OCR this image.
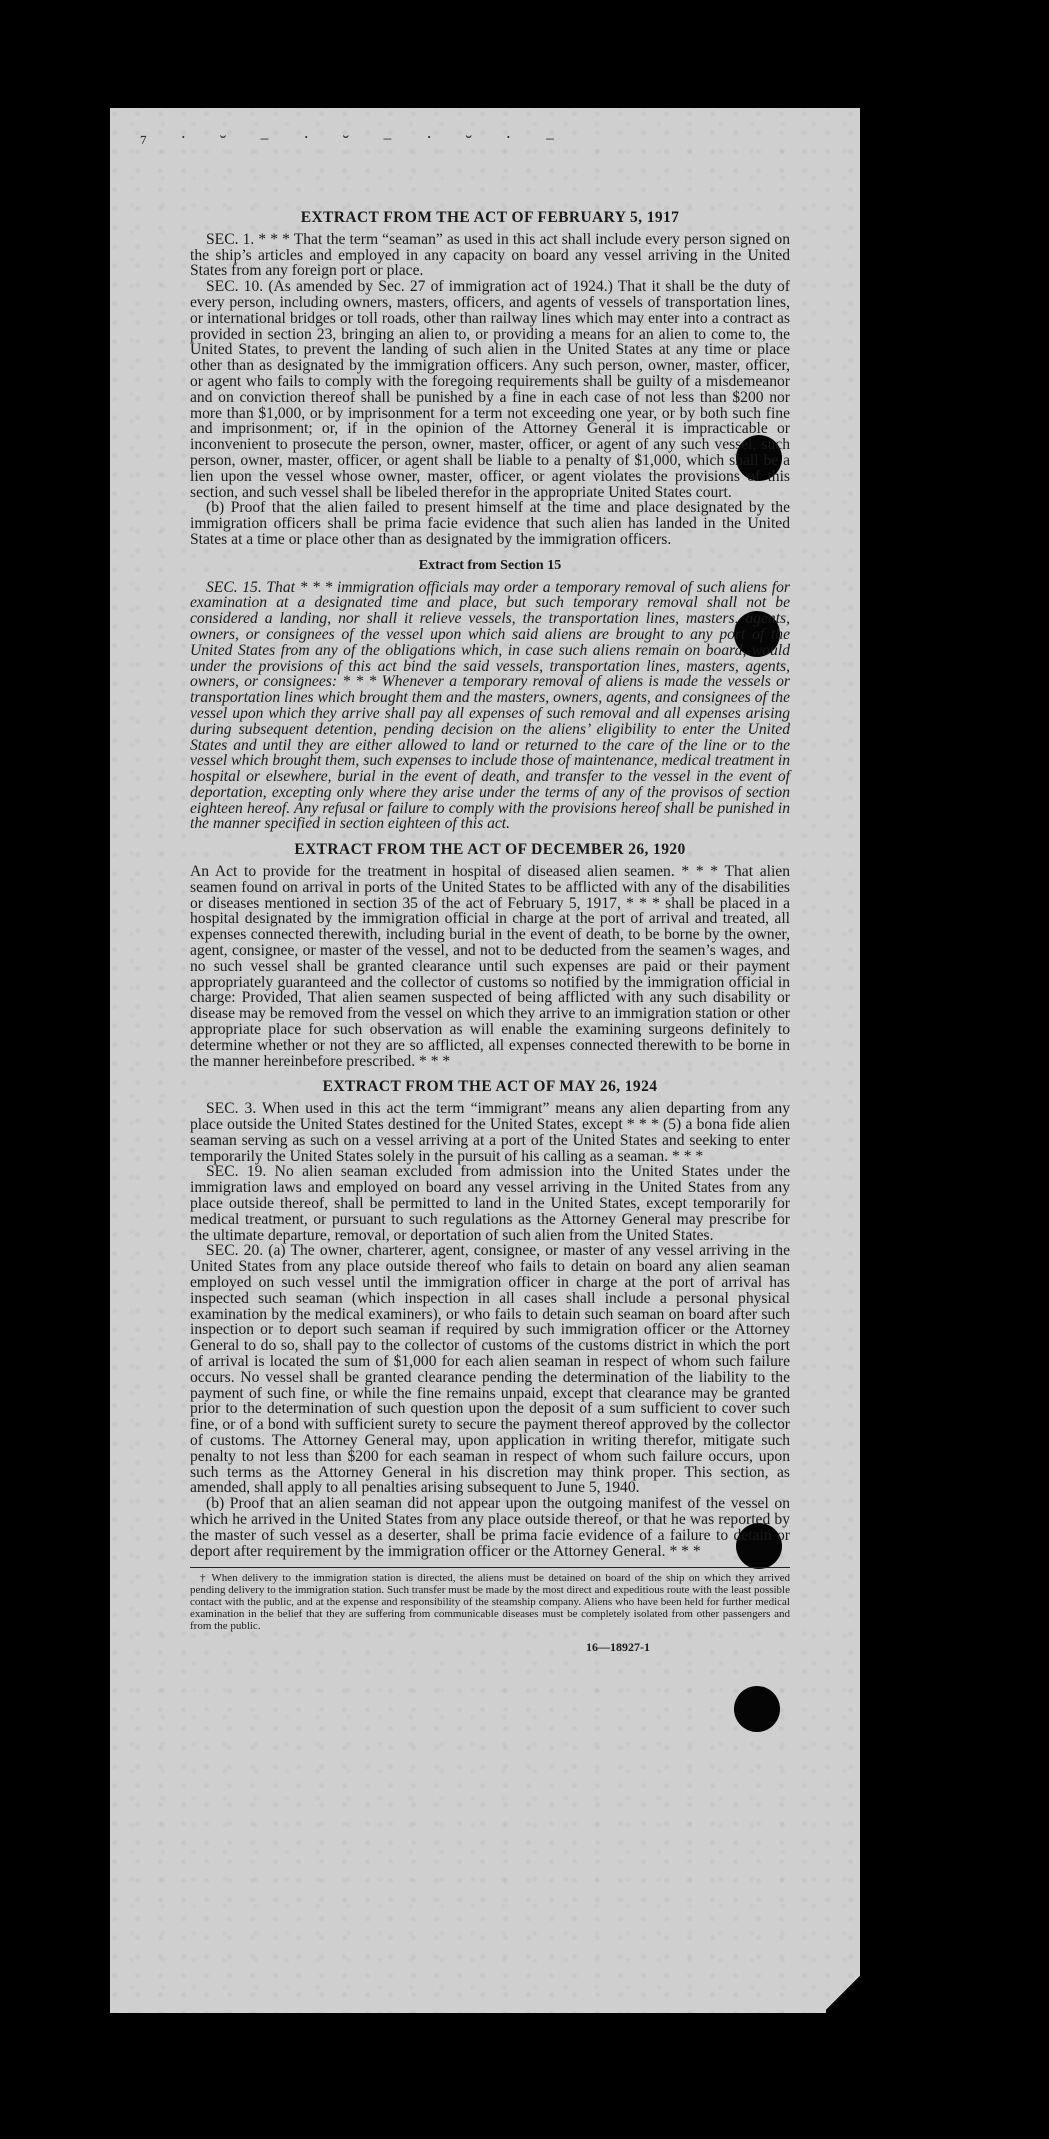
⁷ ˙ ˘ ⁻ ˙ ˘ ⁻ ˙ ˘ ˙ ⁻
EXTRACT FROM THE ACT OF FEBRUARY 5, 1917

SEC. 1. * * * That the term “seaman” as used in this act shall include every person signed on the ship’s articles and employed in any capacity on board any vessel arriving in the United States from any foreign port or place.

SEC. 10. (As amended by Sec. 27 of immigration act of 1924.) That it shall be the duty of every person, including owners, masters, officers, and agents of vessels of transportation lines, or international bridges or toll roads, other than railway lines which may enter into a contract as provided in section 23, bringing an alien to, or providing a means for an alien to come to, the United States, to prevent the landing of such alien in the United States at any time or place other than as designated by the immigration officers. Any such person, owner, master, officer, or agent who fails to comply with the foregoing requirements shall be guilty of a misdemeanor and on conviction thereof shall be punished by a fine in each case of not less than $200 nor more than $1,000, or by imprisonment for a term not exceeding one year, or by both such fine and imprisonment; or, if in the opinion of the Attorney General it is impracticable or inconvenient to prosecute the person, owner, master, officer, or agent of any such vessel, such person, owner, master, officer, or agent shall be liable to a penalty of $1,000, which shall be a lien upon the vessel whose owner, master, officer, or agent violates the provisions of this section, and such vessel shall be libeled therefor in the appropriate United States court.

(b) Proof that the alien failed to present himself at the time and place designated by the immigration officers shall be prima facie evidence that such alien has landed in the United States at a time or place other than as designated by the immigration officers.

Extract from Section 15

SEC. 15. That * * * immigration officials may order a temporary removal of such aliens for examination at a designated time and place, but such temporary removal shall not be considered a landing, nor shall it relieve vessels, the transportation lines, masters, agents, owners, or consignees of the vessel upon which said aliens are brought to any port of the United States from any of the obligations which, in case such aliens remain on board, would under the provisions of this act bind the said vessels, transportation lines, masters, agents, owners, or consignees: * * * Whenever a temporary removal of aliens is made the vessels or transportation lines which brought them and the masters, owners, agents, and consignees of the vessel upon which they arrive shall pay all expenses of such removal and all expenses arising during subsequent detention, pending decision on the aliens’ eligibility to enter the United States and until they are either allowed to land or returned to the care of the line or to the vessel which brought them, such expenses to include those of maintenance, medical treatment in hospital or elsewhere, burial in the event of death, and transfer to the vessel in the event of deportation, excepting only where they arise under the terms of any of the provisos of section eighteen hereof. Any refusal or failure to comply with the provisions hereof shall be punished in the manner specified in section eighteen of this act.

EXTRACT FROM THE ACT OF DECEMBER 26, 1920

An Act to provide for the treatment in hospital of diseased alien seamen. * * * That alien seamen found on arrival in ports of the United States to be afflicted with any of the disabilities or diseases mentioned in section 35 of the act of February 5, 1917, * * * shall be placed in a hospital designated by the immigration official in charge at the port of arrival and treated, all expenses connected therewith, including burial in the event of death, to be borne by the owner, agent, consignee, or master of the vessel, and not to be deducted from the seamen’s wages, and no such vessel shall be granted clearance until such expenses are paid or their payment appropriately guaranteed and the collector of customs so notified by the immigration official in charge: Provided, That alien seamen suspected of being afflicted with any such disability or disease may be removed from the vessel on which they arrive to an immigration station or other appropriate place for such observation as will enable the examining surgeons definitely to determine whether or not they are so afflicted, all expenses connected therewith to be borne in the manner hereinbefore prescribed. * * *

EXTRACT FROM THE ACT OF MAY 26, 1924

SEC. 3. When used in this act the term “immigrant” means any alien departing from any place outside the United States destined for the United States, except * * * (5) a bona fide alien seaman serving as such on a vessel arriving at a port of the United States and seeking to enter temporarily the United States solely in the pursuit of his calling as a seaman. * * *

SEC. 19. No alien seaman excluded from admission into the United States under the immigration laws and employed on board any vessel arriving in the United States from any place outside thereof, shall be permitted to land in the United States, except temporarily for medical treatment, or pursuant to such regulations as the Attorney General may prescribe for the ultimate departure, removal, or deportation of such alien from the United States.

SEC. 20. (a) The owner, charterer, agent, consignee, or master of any vessel arriving in the United States from any place outside thereof who fails to detain on board any alien seaman employed on such vessel until the immigration officer in charge at the port of arrival has inspected such seaman (which inspection in all cases shall include a personal physical examination by the medical examiners), or who fails to detain such seaman on board after such inspection or to deport such seaman if required by such immigration officer or the Attorney General to do so, shall pay to the collector of customs of the customs district in which the port of arrival is located the sum of $1,000 for each alien seaman in respect of whom such failure occurs. No vessel shall be granted clearance pending the determination of the liability to the payment of such fine, or while the fine remains unpaid, except that clearance may be granted prior to the determination of such question upon the deposit of a sum sufficient to cover such fine, or of a bond with sufficient surety to secure the payment thereof approved by the collector of customs. The Attorney General may, upon application in writing therefor, mitigate such penalty to not less than $200 for each seaman in respect of whom such failure occurs, upon such terms as the Attorney General in his discretion may think proper. This section, as amended, shall apply to all penalties arising subsequent to June 5, 1940.

(b) Proof that an alien seaman did not appear upon the outgoing manifest of the vessel on which he arrived in the United States from any place outside thereof, or that he was reported by the master of such vessel as a deserter, shall be prima facie evidence of a failure to detain or deport after requirement by the immigration officer or the Attorney General. * * *

† When delivery to the immigration station is directed, the aliens must be detained on board of the ship on which they arrived pending delivery to the immigration station. Such transfer must be made by the most direct and expeditious route with the least possible contact with the public, and at the expense and responsibility of the steamship company. Aliens who have been held for further medical examination in the belief that they are suffering from communicable diseases must be completely isolated from other passengers and from the public.

16—18927-1
